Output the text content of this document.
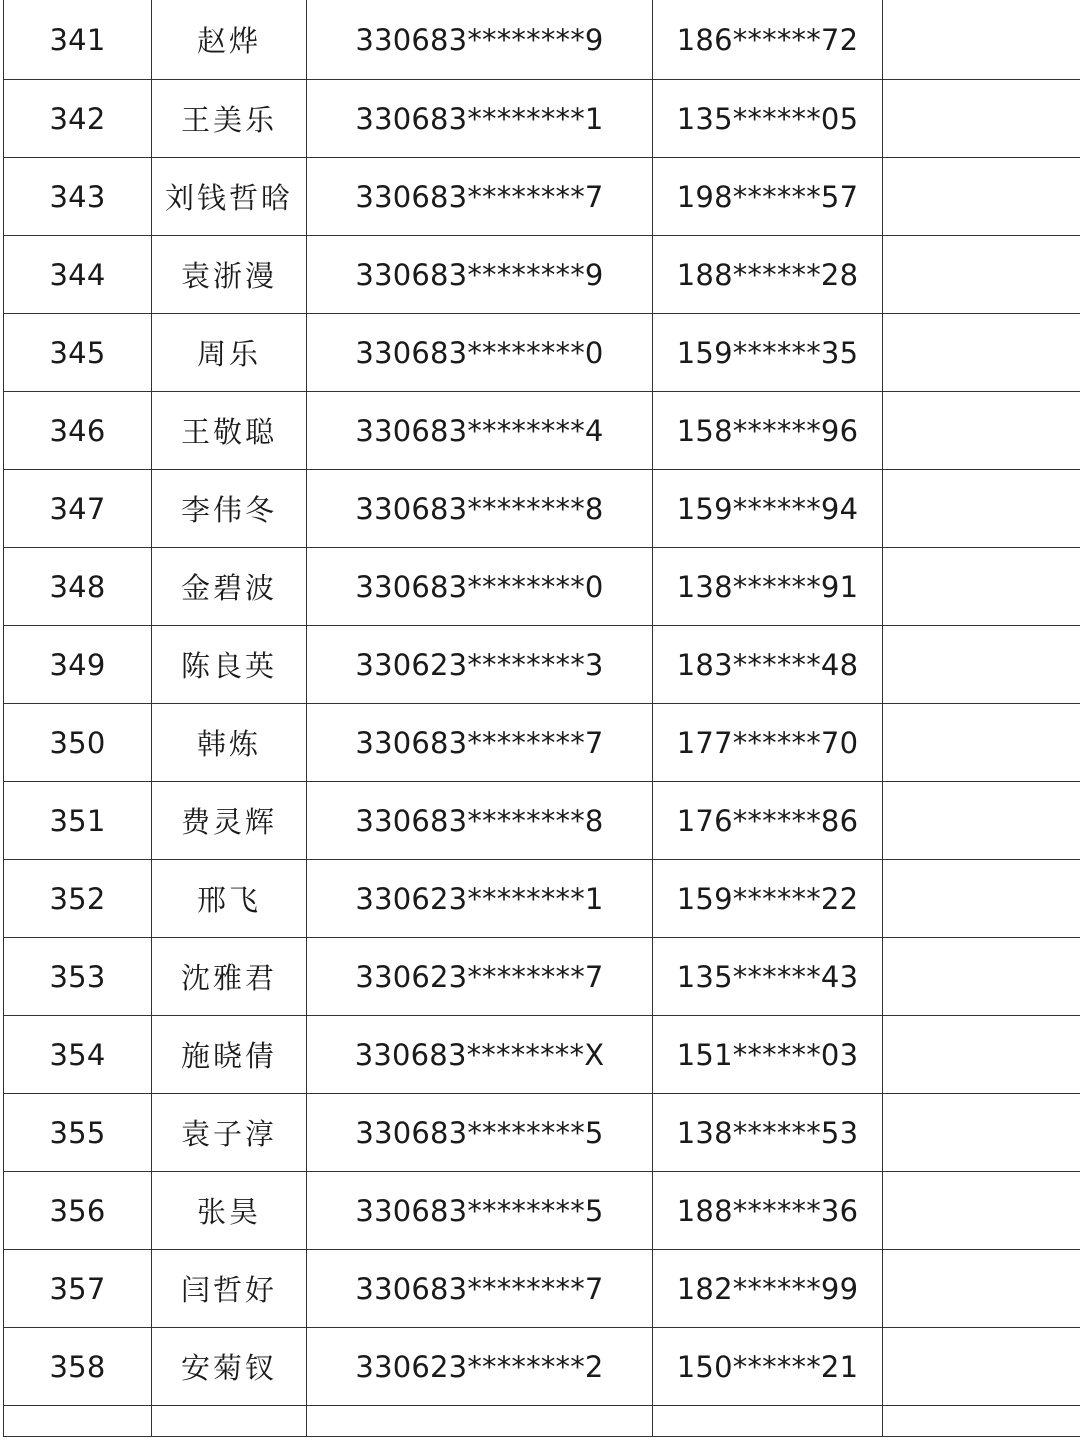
341	赵烨	330683********9	186******72	
342	王美乐	330683********1	135******05	
343	刘钱哲晗	330683********7	198******57	
344	袁浙漫	330683********9	188******28	
345	周乐	330683********0	159******35	
346	王敬聪	330683********4	158******96	
347	李伟冬	330683********8	159******94	
348	金碧波	330683********0	138******91	
349	陈良英	330623********3	183******48	
350	韩炼	330683********7	177******70	
351	费灵辉	330683********8	176******86	
352	邢飞	330623********1	159******22	
353	沈雅君	330623********7	135******43	
354	施晓倩	330683********X	151******03	
355	袁子淳	330683********5	138******53	
356	张昊	330683********5	188******36	
357	闫哲好	330683********7	182******99	
358	安菊钗	330623********2	150******21	
